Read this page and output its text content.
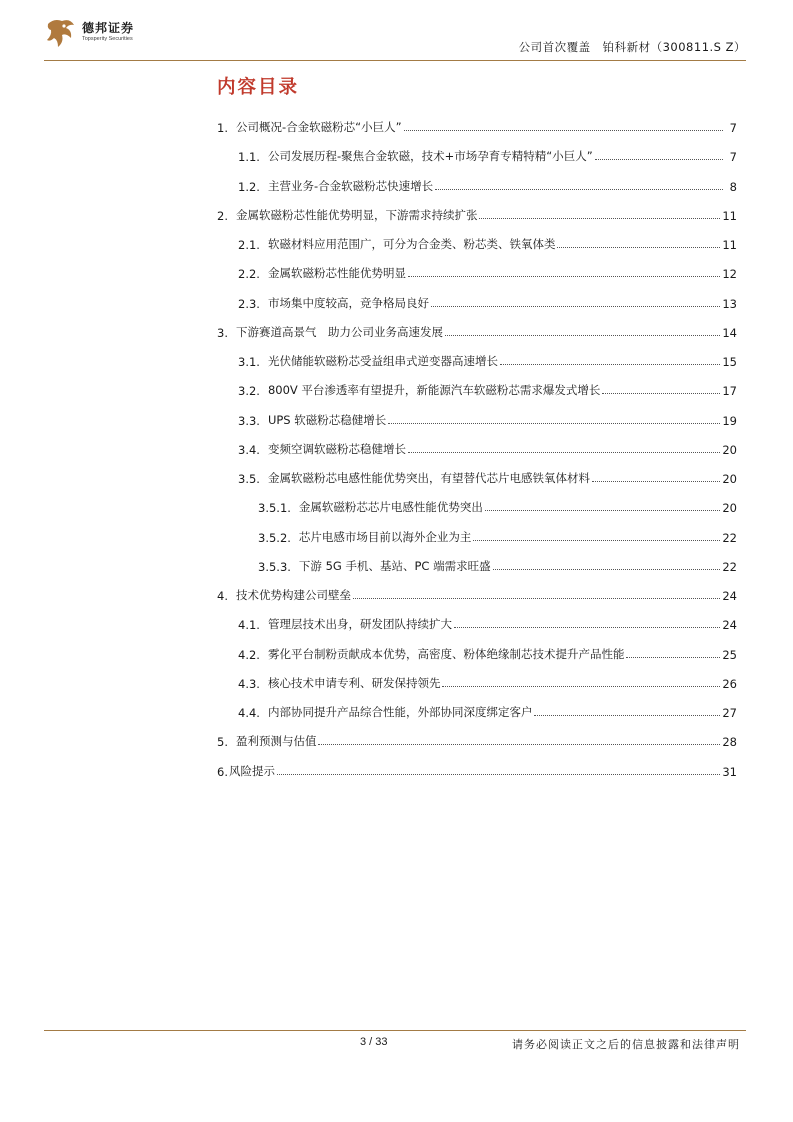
德邦证券
Topsperity Securities
公司首次覆盖　铂科新材（300811.S Z）
内容目录
1. 公司概况-合金软磁粉芯“小巨人”	7
1.1. 公司发展历程-聚焦合金软磁，技术+市场孕育专精特精“小巨人”	7
1.2. 主营业务-合金软磁粉芯快速增长	8
2. 金属软磁粉芯性能优势明显，下游需求持续扩张	11
2.1. 软磁材料应用范围广，可分为合金类、粉芯类、铁氧体类	11
2.2. 金属软磁粉芯性能优势明显	12
2.3. 市场集中度较高，竞争格局良好	13
3. 下游赛道高景气　助力公司业务高速发展	14
3.1. 光伏储能软磁粉芯受益组串式逆变器高速增长	15
3.2. 800V 平台渗透率有望提升，新能源汽车软磁粉芯需求爆发式增长	17
3.3. UPS 软磁粉芯稳健增长	19
3.4. 变频空调软磁粉芯稳健增长	20
3.5. 金属软磁粉芯电感性能优势突出，有望替代芯片电感铁氧体材料	20
3.5.1. 金属软磁粉芯芯片电感性能优势突出	20
3.5.2. 芯片电感市场目前以海外企业为主	22
3.5.3. 下游 5G 手机、基站、PC 端需求旺盛	22
4. 技术优势构建公司壁垒	24
4.1. 管理层技术出身，研发团队持续扩大	24
4.2. 雾化平台制粉贡献成本优势，高密度、粉体绝缘制芯技术提升产品性能	25
4.3. 核心技术申请专利、研发保持领先	26
4.4. 内部协同提升产品综合性能，外部协同深度绑定客户	27
5. 盈利预测与估值	28
6. 风险提示	31
3 / 33	请务必阅读正文之后的信息披露和法律声明
